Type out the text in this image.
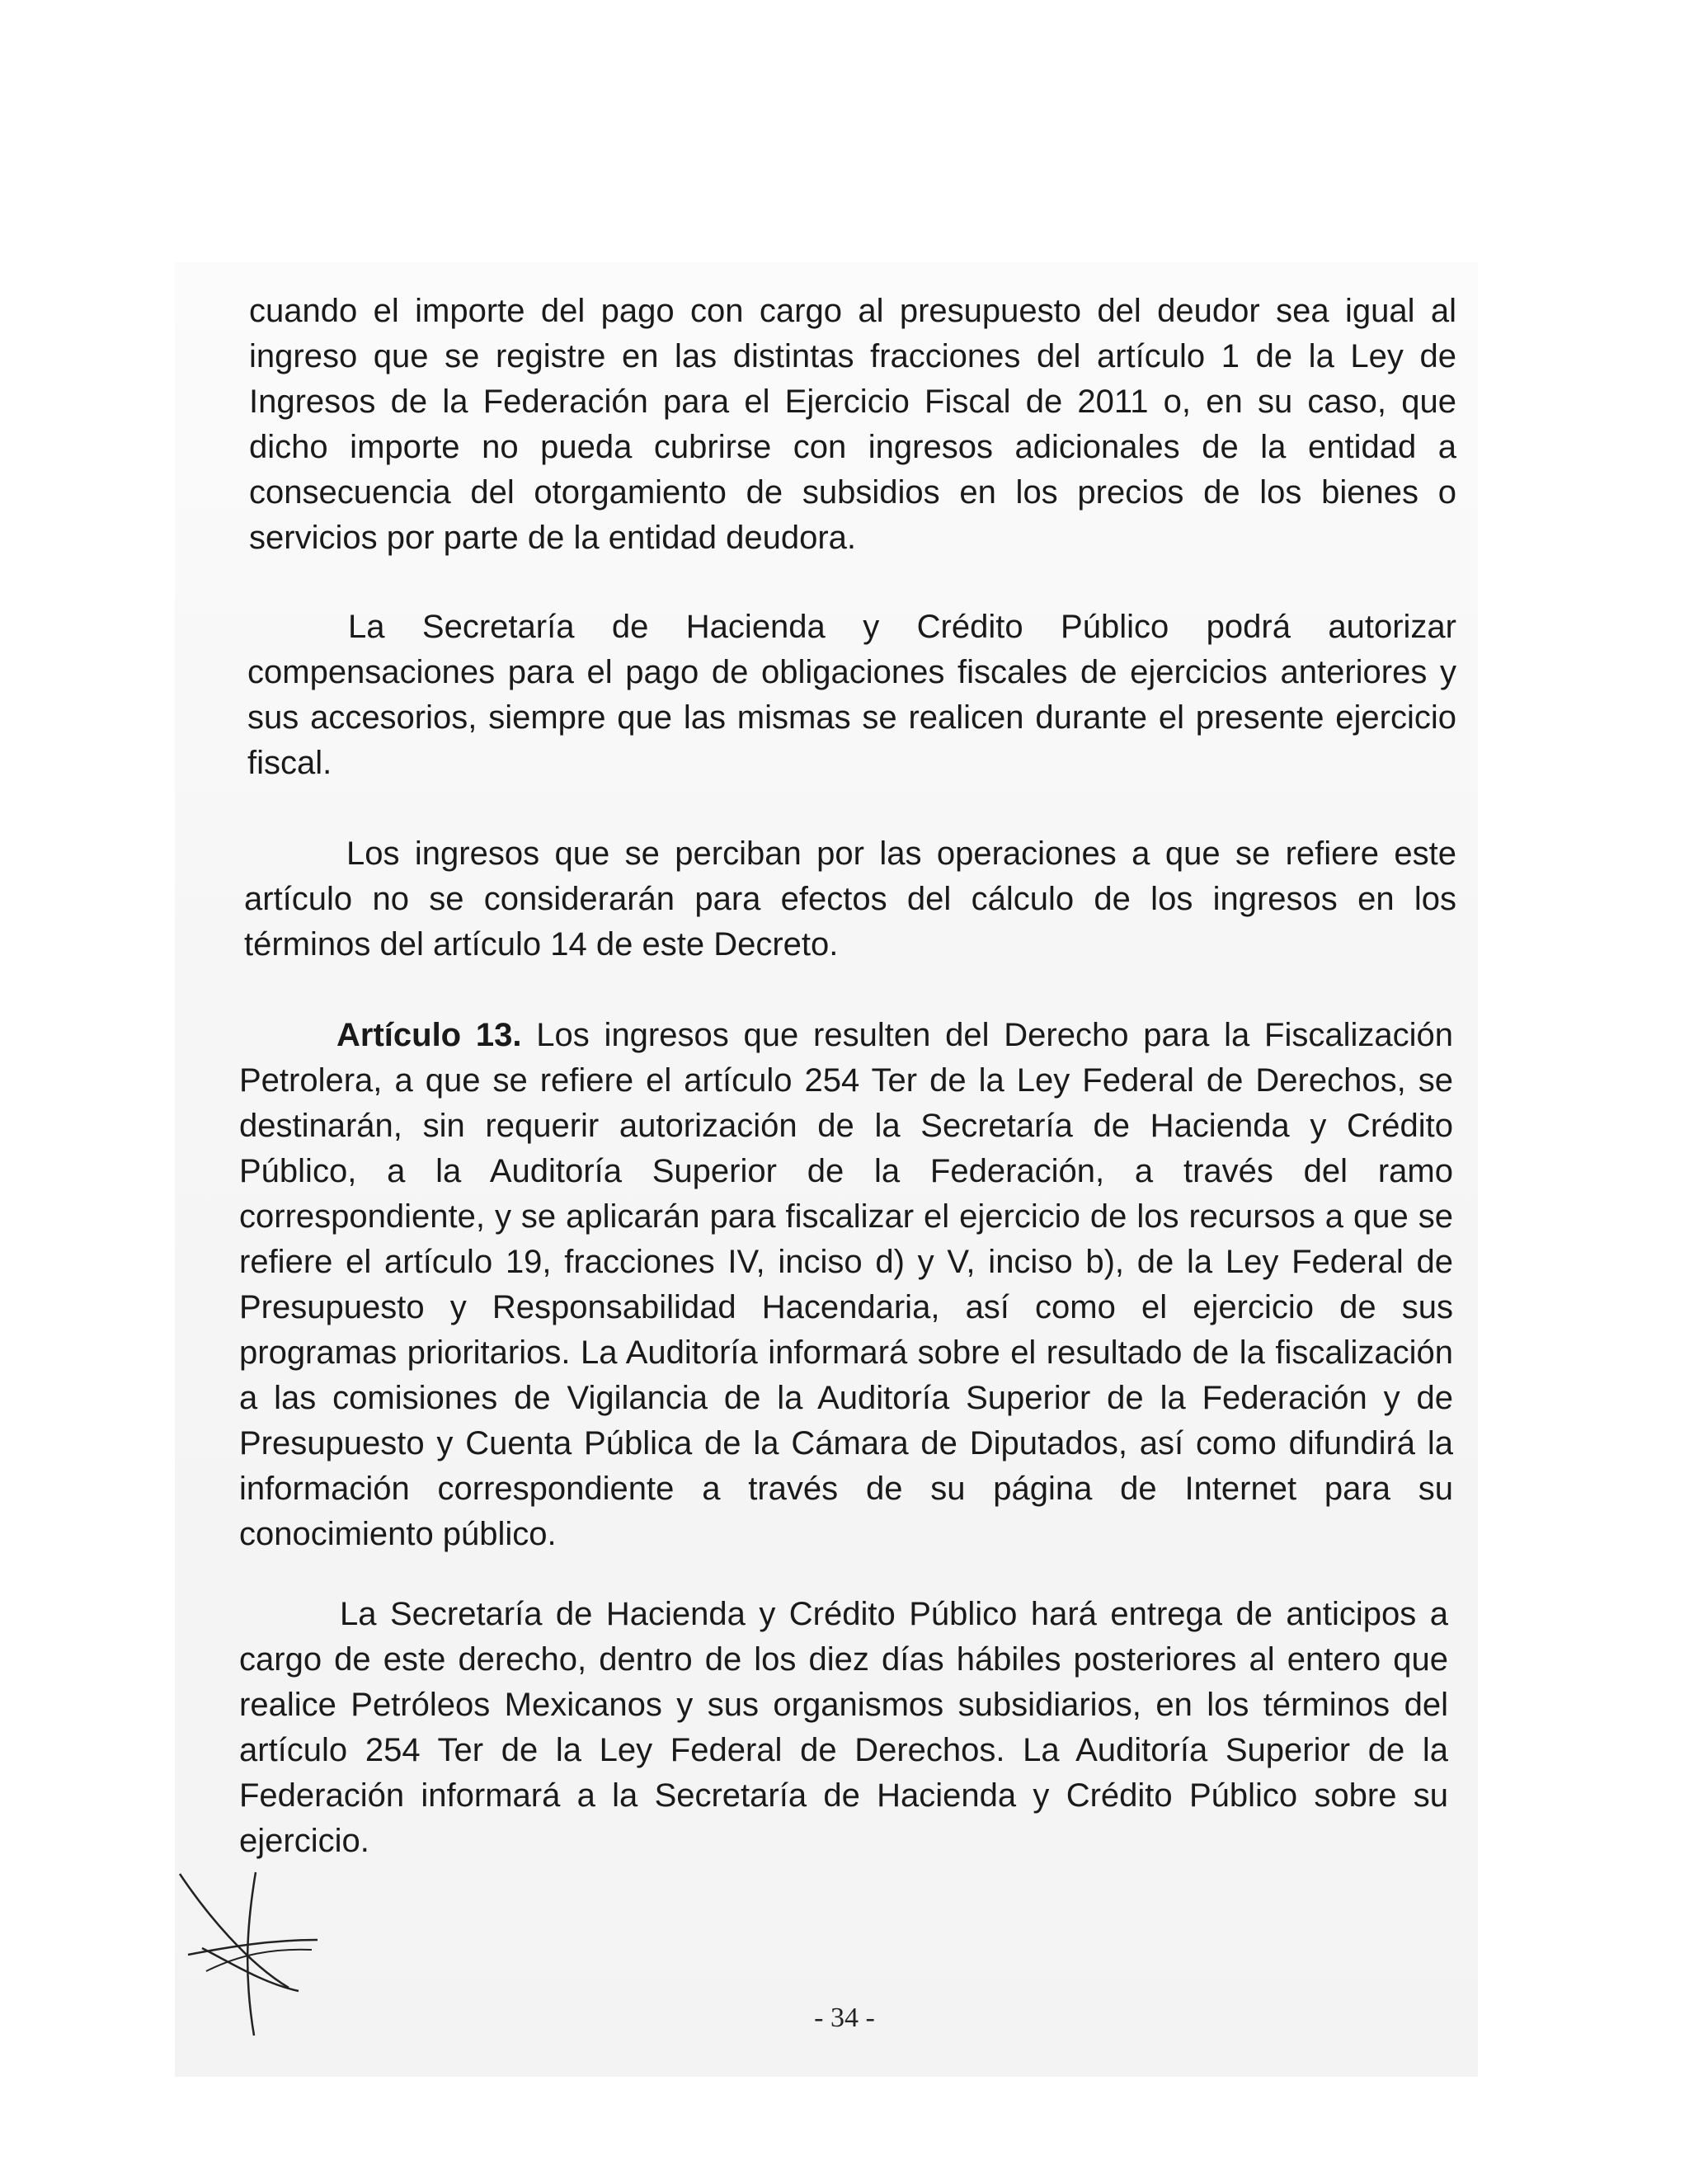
cuando el importe del pago con cargo al presupuesto del deudor sea igual al ingreso que se registre en las distintas fracciones del artículo 1 de la Ley de Ingresos de la Federación para el Ejercicio Fiscal de 2011 o, en su caso, que dicho importe no pueda cubrirse con ingresos adicionales de la entidad a consecuencia del otorgamiento de subsidios en los precios de los bienes o servicios por parte de la entidad deudora.

La Secretaría de Hacienda y Crédito Público podrá autorizar compensaciones para el pago de obligaciones fiscales de ejercicios anteriores y sus accesorios, siempre que las mismas se realicen durante el presente ejercicio fiscal.

Los ingresos que se perciban por las operaciones a que se refiere este artículo no se considerarán para efectos del cálculo de los ingresos en los términos del artículo 14 de este Decreto.

Artículo 13. Los ingresos que resulten del Derecho para la Fiscalización Petrolera, a que se refiere el artículo 254 Ter de la Ley Federal de Derechos, se destinarán, sin requerir autorización de la Secretaría de Hacienda y Crédito Público, a la Auditoría Superior de la Federación, a través del ramo correspondiente, y se aplicarán para fiscalizar el ejercicio de los recursos a que se refiere el artículo 19, fracciones IV, inciso d) y V, inciso b), de la Ley Federal de Presupuesto y Responsabilidad Hacendaria, así como el ejercicio de sus programas prioritarios. La Auditoría informará sobre el resultado de la fiscalización a las comisiones de Vigilancia de la Auditoría Superior de la Federación y de Presupuesto y Cuenta Pública de la Cámara de Diputados, así como difundirá la información correspondiente a través de su página de Internet para su conocimiento público.

La Secretaría de Hacienda y Crédito Público hará entrega de anticipos a cargo de este derecho, dentro de los diez días hábiles posteriores al entero que realice Petróleos Mexicanos y sus organismos subsidiarios, en los términos del artículo 254 Ter de la Ley Federal de Derechos. La Auditoría Superior de la Federación informará a la Secretaría de Hacienda y Crédito Público sobre su ejercicio.

- 34 -
